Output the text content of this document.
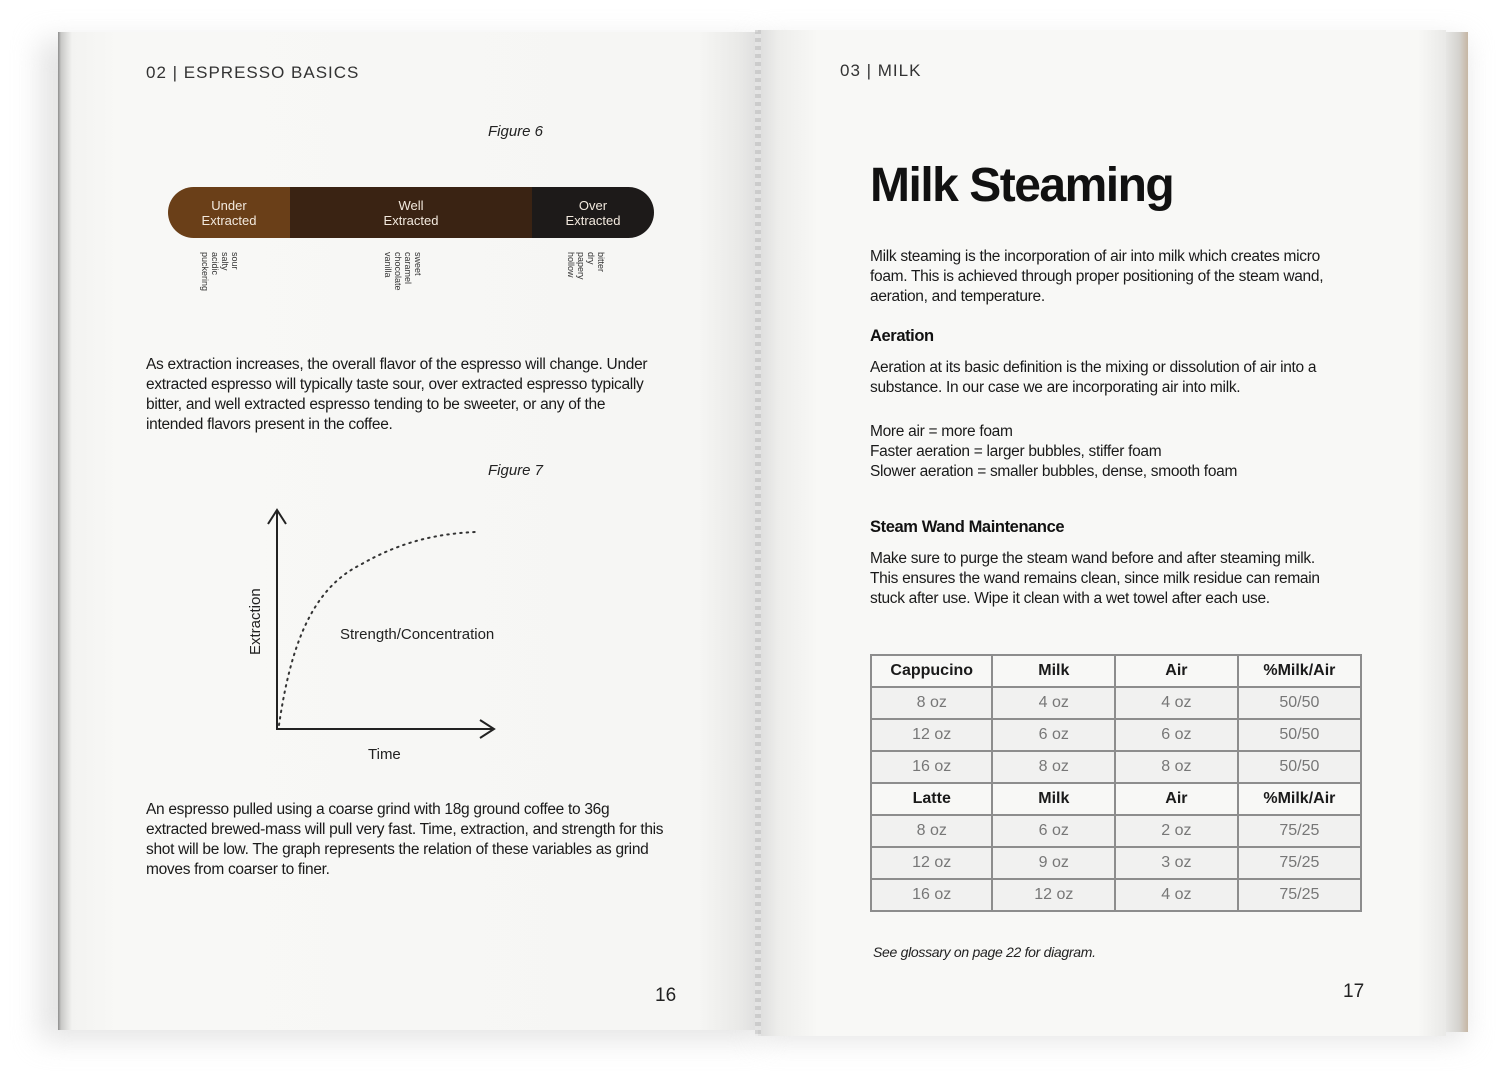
02 | ESPRESSO BASICS
Figure 6
Under
Extracted
Well
Extracted
Over
Extracted
sour
salty
acidic
puckering	sweet
caramel
chocolate
vanilla	bitter
dry
papery
hollow
As extraction increases, the overall flavor of the espresso will change. Under extracted espresso will typically taste sour, over extracted espresso typically bitter, and well extracted espresso tending to be sweeter, or any of the intended flavors present in the coffee.
Figure 7
Strength/Concentration
Time
Extraction
An espresso pulled using a coarse grind with 18g ground coffee to 36g extracted brewed-mass will pull very fast. Time, extraction, and strength for this shot will be low. The graph represents the relation of these variables as grind moves from coarser to finer.
16
03 | MILK
Milk Steaming
Milk steaming is the incorporation of air into milk which creates micro foam. This is achieved through proper positioning of the steam wand, aeration, and temperature.
Aeration
Aeration at its basic definition is the mixing or dissolution of air into a substance. In our case we are incorporating air into milk.
More air = more foam
Faster aeration = larger bubbles, stiffer foam
Slower aeration = smaller bubbles, dense, smooth foam
Steam Wand Maintenance
Make sure to purge the steam wand before and after steaming milk. This ensures the wand remains clean, since milk residue can remain stuck after use. Wipe it clean with a wet towel after each use.
Cappucino	Milk	Air	%Milk/Air
8 oz	4 oz	4 oz	50/50
12 oz	6 oz	6 oz	50/50
16 oz	8 oz	8 oz	50/50
Latte	Milk	Air	%Milk/Air
8 oz	6 oz	2 oz	75/25
12 oz	9 oz	3 oz	75/25
16 oz	12 oz	4 oz	75/25
See glossary on page 22 for diagram.
17
